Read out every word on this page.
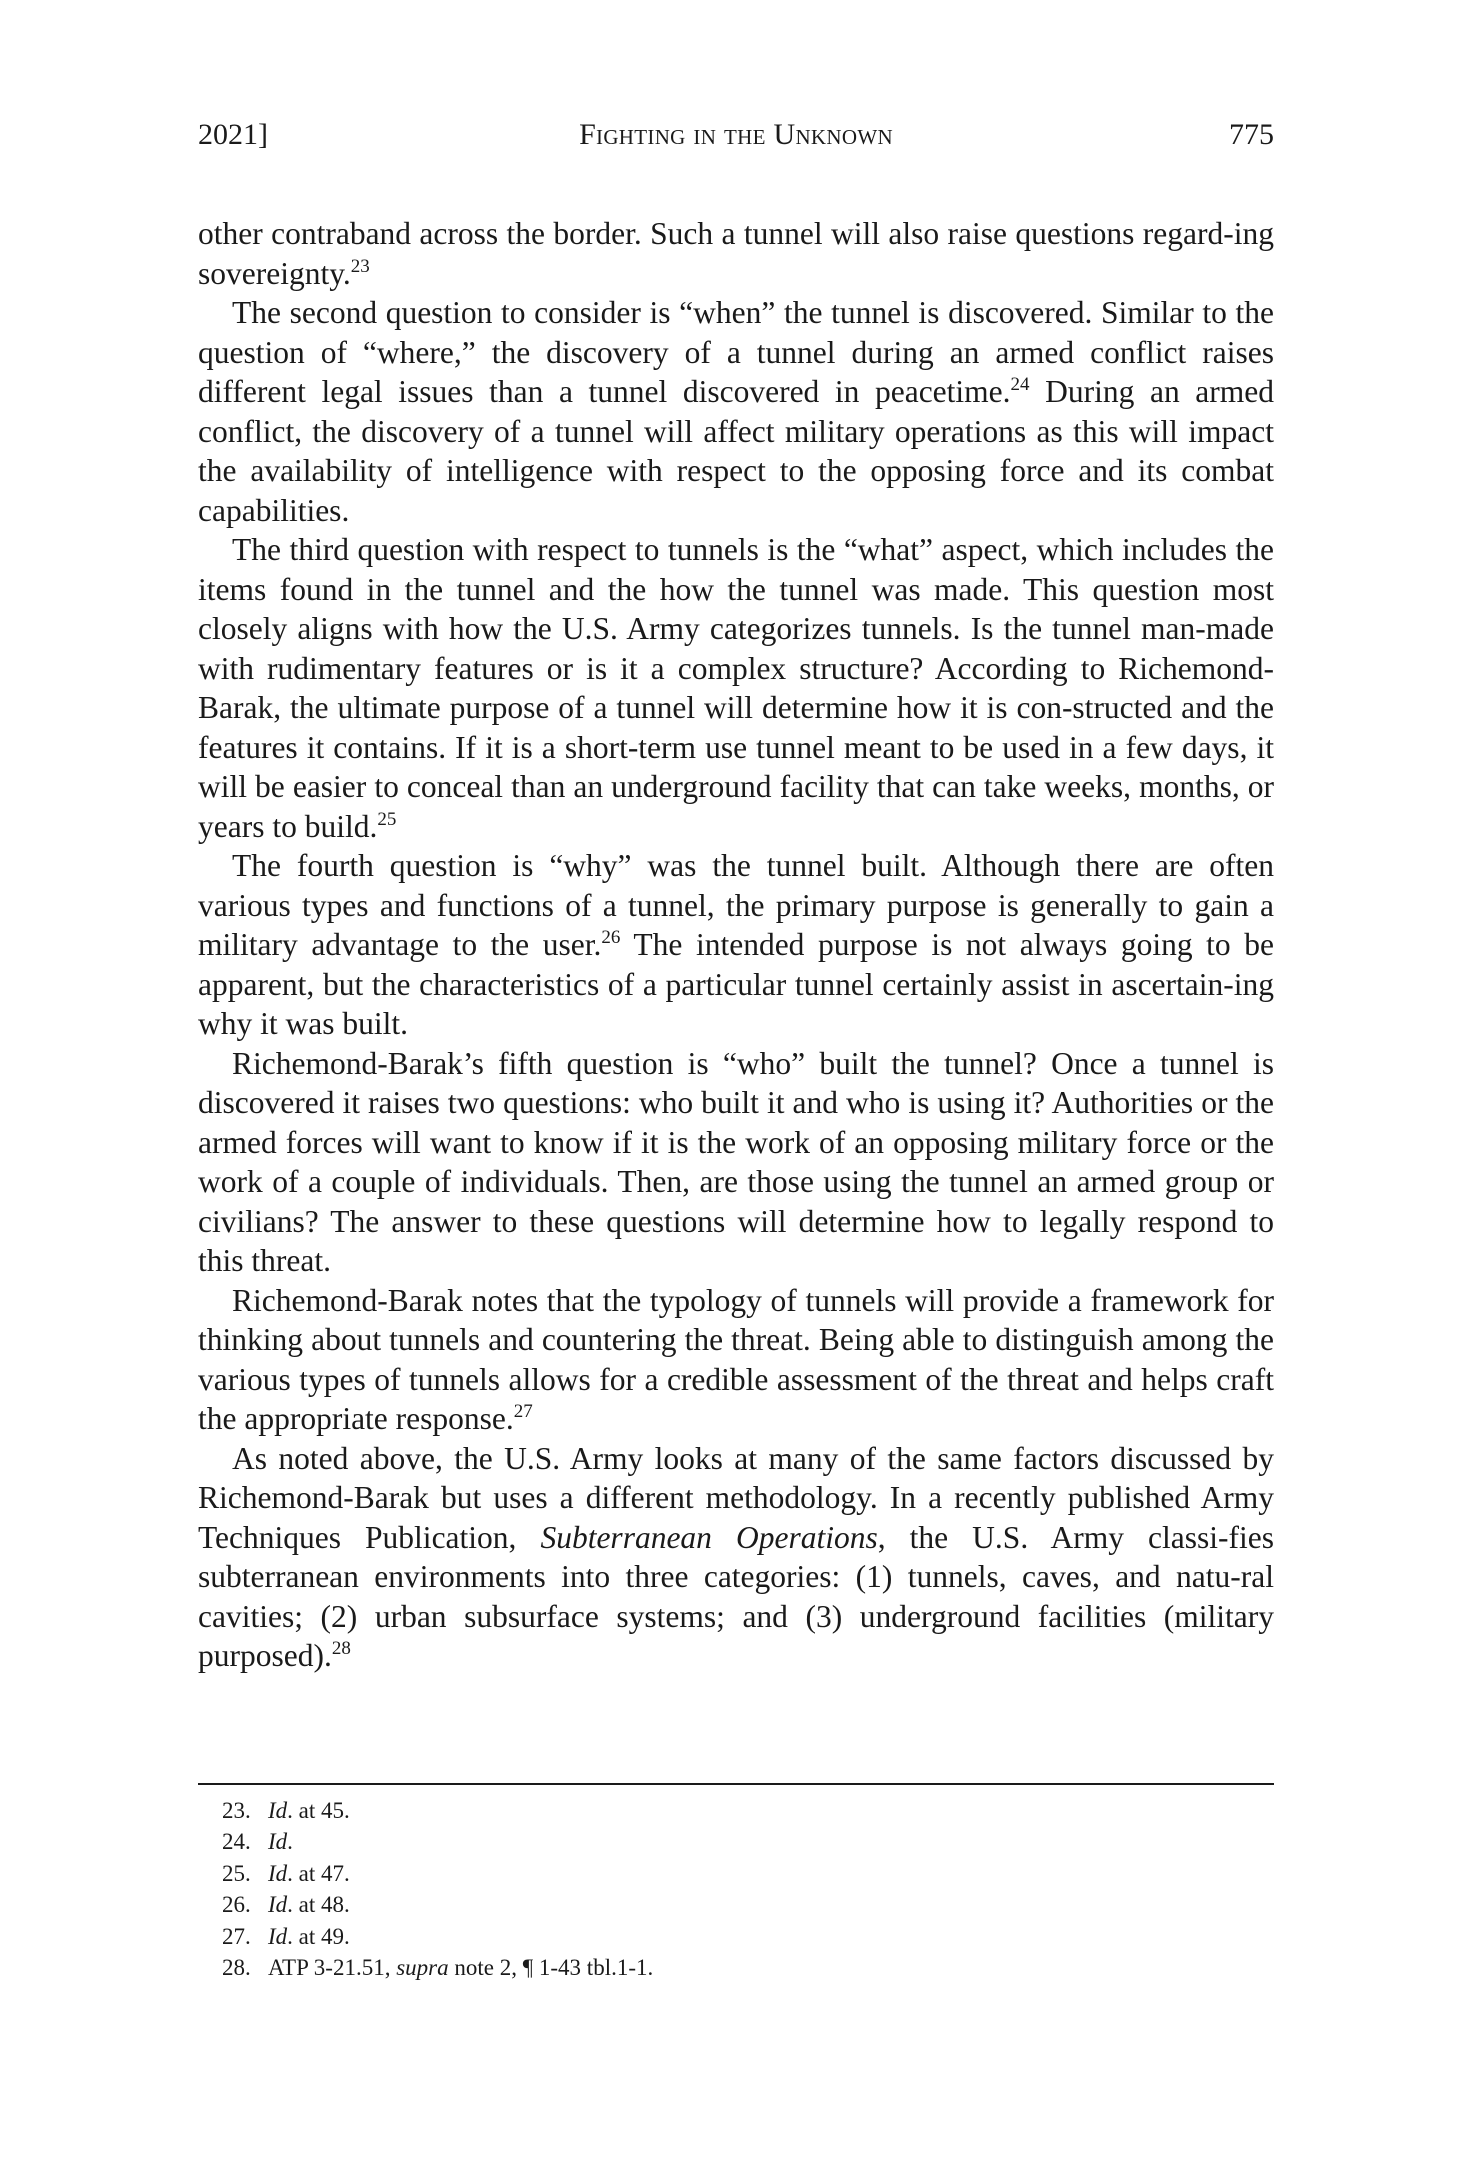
2021]	Fighting in the Unknown	775

other contraband across the border. Such a tunnel will also raise questions regard-ing sovereignty.$^{23}$

The second question to consider is “when” the tunnel is discovered. Similar to the question of “where,” the discovery of a tunnel during an armed conflict raises different legal issues than a tunnel discovered in peacetime.$^{24}$ During an armed conflict, the discovery of a tunnel will affect military operations as this will impact the availability of intelligence with respect to the opposing force and its combat capabilities.

The third question with respect to tunnels is the “what” aspect, which includes the items found in the tunnel and the how the tunnel was made. This question most closely aligns with how the U.S. Army categorizes tunnels. Is the tunnel man-made with rudimentary features or is it a complex structure? According to Richemond-Barak, the ultimate purpose of a tunnel will determine how it is con-structed and the features it contains. If it is a short-term use tunnel meant to be used in a few days, it will be easier to conceal than an underground facility that can take weeks, months, or years to build.$^{25}$

The fourth question is “why” was the tunnel built. Although there are often various types and functions of a tunnel, the primary purpose is generally to gain a military advantage to the user.$^{26}$ The intended purpose is not always going to be apparent, but the characteristics of a particular tunnel certainly assist in ascertain-ing why it was built.

Richemond-Barak’s fifth question is “who” built the tunnel? Once a tunnel is discovered it raises two questions: who built it and who is using it? Authorities or the armed forces will want to know if it is the work of an opposing military force or the work of a couple of individuals. Then, are those using the tunnel an armed group or civilians? The answer to these questions will determine how to legally respond to this threat.

Richemond-Barak notes that the typology of tunnels will provide a framework for thinking about tunnels and countering the threat. Being able to distinguish among the various types of tunnels allows for a credible assessment of the threat and helps craft the appropriate response.$^{27}$

As noted above, the U.S. Army looks at many of the same factors discussed by Richemond-Barak but uses a different methodology. In a recently published Army Techniques Publication, Subterranean Operations, the U.S. Army classi-fies subterranean environments into three categories: (1) tunnels, caves, and natu-ral cavities; (2) urban subsurface systems; and (3) underground facilities (military purposed).$^{28}$

23. Id. at 45.
24. Id.
25. Id. at 47.
26. Id. at 48.
27. Id. at 49.
28. ATP 3-21.51, supra note 2, ¶ 1-43 tbl.1-1.
